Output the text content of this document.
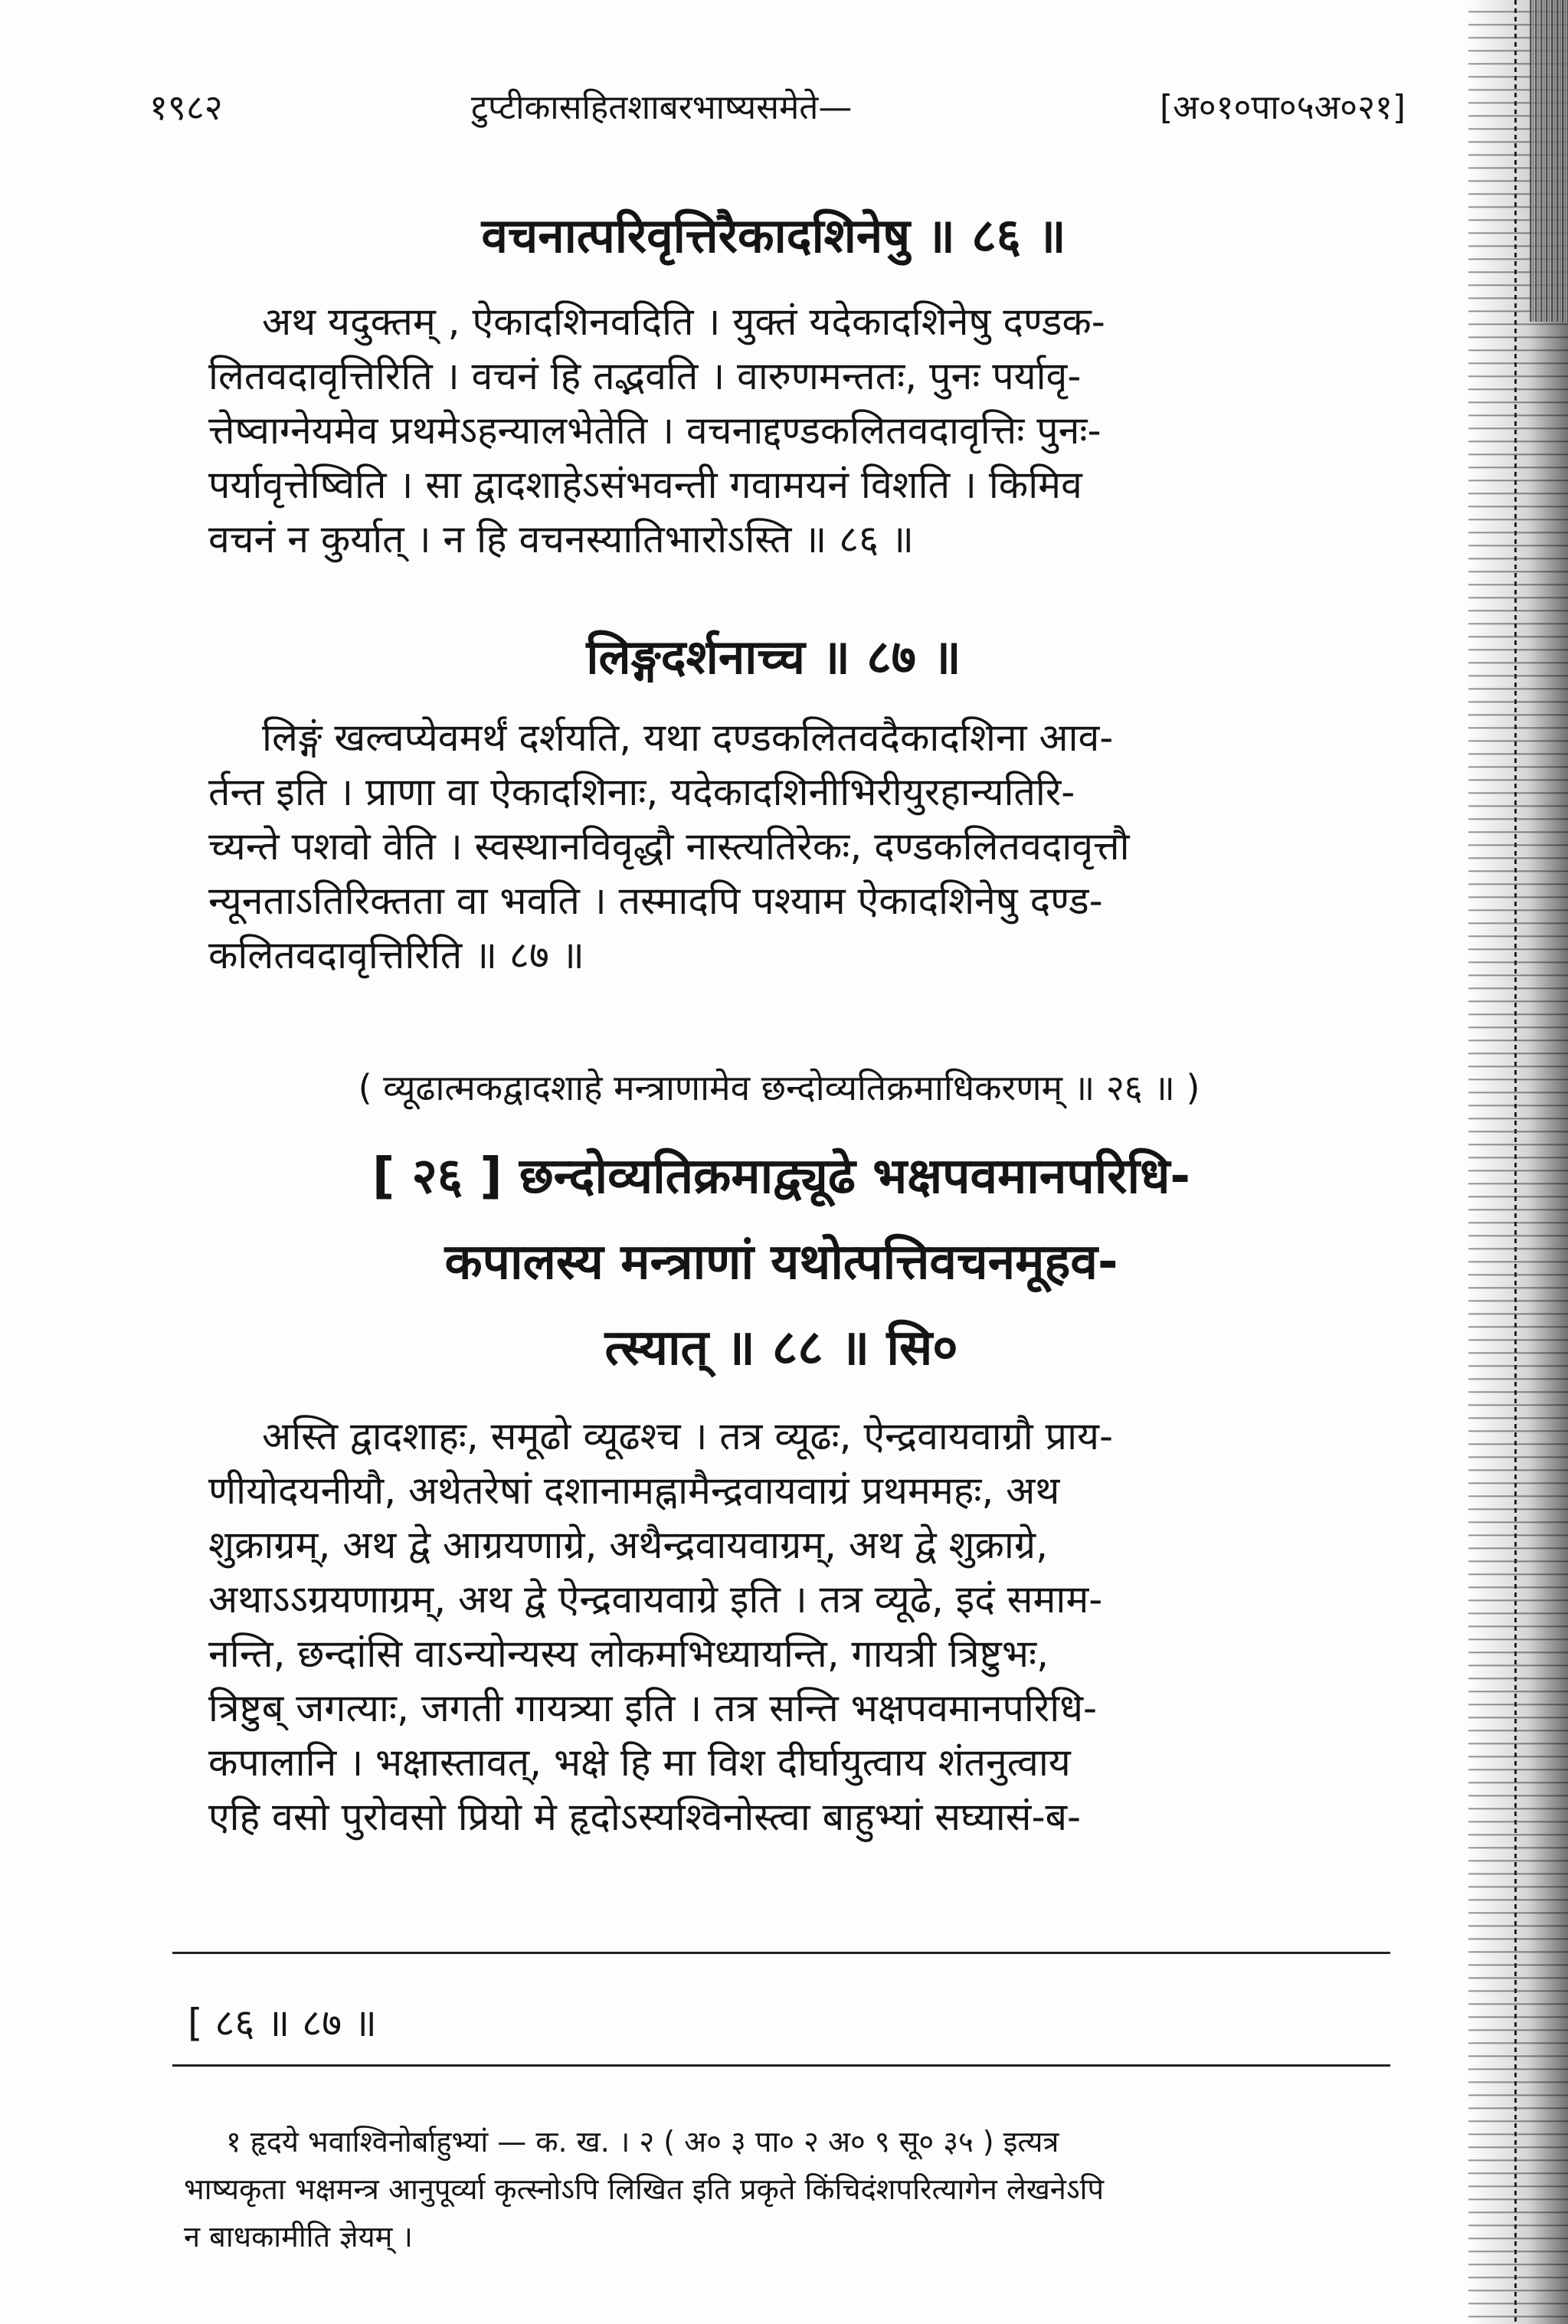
१९८२	टुप्टीकासहितशाबरभाष्यसमेते—	[अ०१०पा०५अ०२१]
वचनात्परिवृत्तिरैकादशिनेषु ॥ ८६ ॥
अथ यदुक्तम् , ऐकादशिनवदिति । युक्तं यदेकादशिनेषु दण्डक-
लितवदावृत्तिरिति । वचनं हि तद्भवति । वारुणमन्ततः, पुनः पर्यावृ-
त्तेष्वाग्नेयमेव प्रथमेऽहन्यालभेतेति । वचनाद्दण्डकलितवदावृत्तिः पुनः-
पर्यावृत्तेष्विति । सा द्वादशाहेऽसंभवन्ती गवामयनं विशति । किमिव
वचनं न कुर्यात् । न हि वचनस्यातिभारोऽस्ति ॥ ८६ ॥
लिङ्गदर्शनाच्च ॥ ८७ ॥
लिङ्गं खल्वप्येवमर्थं दर्शयति, यथा दण्डकलितवदैकादशिना आव-
र्तन्त इति । प्राणा वा ऐकादशिनाः, यदेकादशिनीभिरीयुरहान्यतिरि-
च्यन्ते पशवो वेति । स्वस्थानविवृद्धौ नास्त्यतिरेकः, दण्डकलितवदावृत्तौ
न्यूनताऽतिरिक्तता वा भवति । तस्मादपि पश्याम ऐकादशिनेषु दण्ड-
कलितवदावृत्तिरिति ॥ ८७ ॥
( व्यूढात्मकद्वादशाहे मन्त्राणामेव छन्दोव्यतिक्रमाधिकरणम् ॥ २६ ॥ )
[ २६ ] छन्दोव्यतिक्रमाद्व्यूढे भक्षपवमानपरिधि-
कपालस्य मन्त्राणां यथोत्पत्तिवचनमूहव-
त्स्यात् ॥ ८८ ॥ सि०
अस्ति द्वादशाहः, समूढो व्यूढश्च । तत्र व्यूढः, ऐन्द्रवायवाग्रौ प्राय-
णीयोदयनीयौ, अथेतरेषां दशानामह्नामैन्द्रवायवाग्रं प्रथममहः, अथ
शुक्राग्रम्, अथ द्वे आग्रयणाग्रे, अथैन्द्रवायवाग्रम्, अथ द्वे शुक्राग्रे,
अथाऽऽग्रयणाग्रम्, अथ द्वे ऐन्द्रवायवाग्रे इति । तत्र व्यूढे, इदं समाम-
नन्ति, छन्दांसि वाऽन्योन्यस्य लोकमभिध्यायन्ति, गायत्री त्रिष्टुभः,
त्रिष्टुब् जगत्याः, जगती गायत्र्या इति । तत्र सन्ति भक्षपवमानपरिधि-
कपालानि । भक्षास्तावत्, भक्षे हि मा विश दीर्घायुत्वाय शंतनुत्वाय
एहि वसो पुरोवसो प्रियो मे हृदोऽस्यश्विनोस्त्वा बाहुभ्यां सघ्यासं-ब-
[ ८६ ॥ ८७ ॥
१ हृदये भवाश्विनोर्बाहुभ्यां — क. ख. । २ ( अ० ३ पा० २ अ० ९ सू० ३५ ) इत्यत्र
भाष्यकृता भक्षमन्त्र आनुपूर्व्या कृत्स्नोऽपि लिखित इति प्रकृते किंचिदंशपरित्यागेन लेखनेऽपि
न बाधकामीति ज्ञेयम् ।
